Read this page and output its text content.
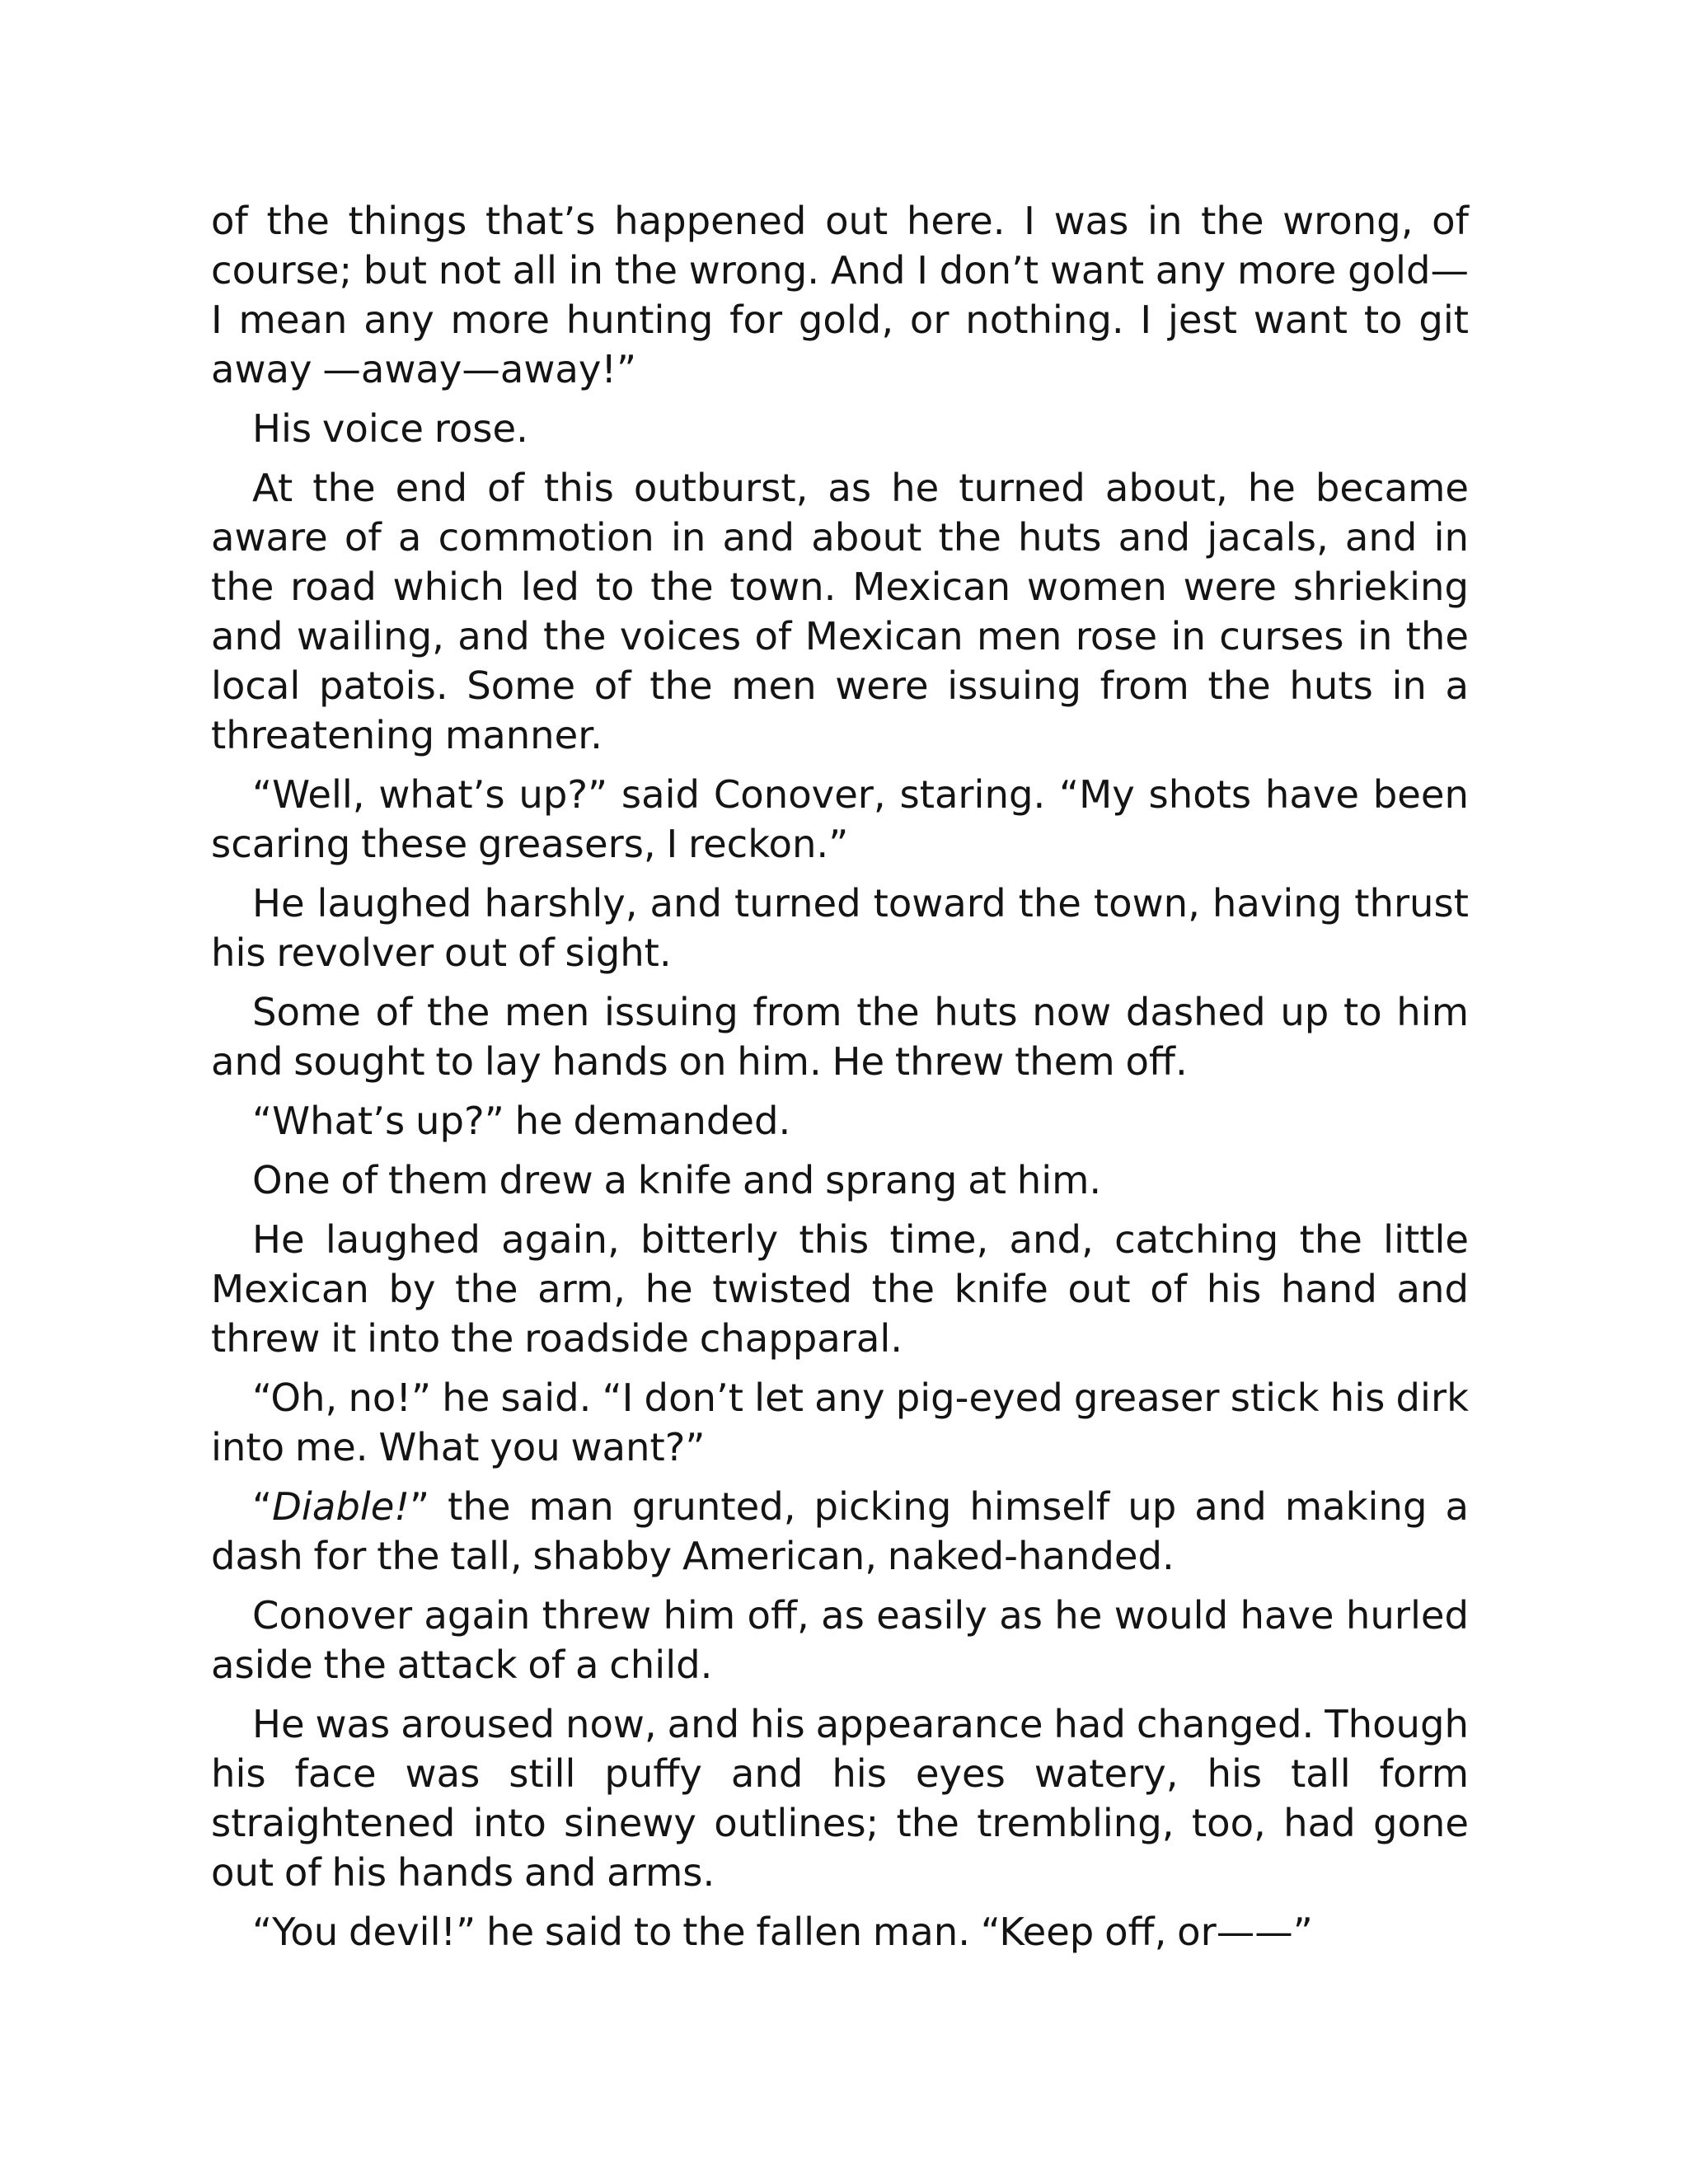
of the things that’s happened out here. I was in the wrong, of course; but not all in the wrong. And I don’t want any more gold—I mean any more hunting for gold, or nothing. I jest want to git away —away—away!”

His voice rose.

At the end of this outburst, as he turned about, he became aware of a commotion in and about the huts and jacals, and in the road which led to the town. Mexican women were shrieking and wailing, and the voices of Mexican men rose in curses in the local patois. Some of the men were issuing from the huts in a threatening manner.

“Well, what’s up?” said Conover, staring. “My shots have been scaring these greasers, I reckon.”

He laughed harshly, and turned toward the town, having thrust his revolver out of sight.

Some of the men issuing from the huts now dashed up to him and sought to lay hands on him. He threw them off.

“What’s up?” he demanded.

One of them drew a knife and sprang at him.

He laughed again, bitterly this time, and, catching the little Mexican by the arm, he twisted the knife out of his hand and threw it into the roadside chapparal.

“Oh, no!” he said. “I don’t let any pig-eyed greaser stick his dirk into me. What you want?”

“Diable!” the man grunted, picking himself up and making a dash for the tall, shabby American, naked-handed.

Conover again threw him off, as easily as he would have hurled aside the attack of a child.

He was aroused now, and his appearance had changed. Though his face was still puffy and his eyes watery, his tall form straightened into sinewy outlines; the trembling, too, had gone out of his hands and arms.

“You devil!” he said to the fallen man. “Keep off, or——”
